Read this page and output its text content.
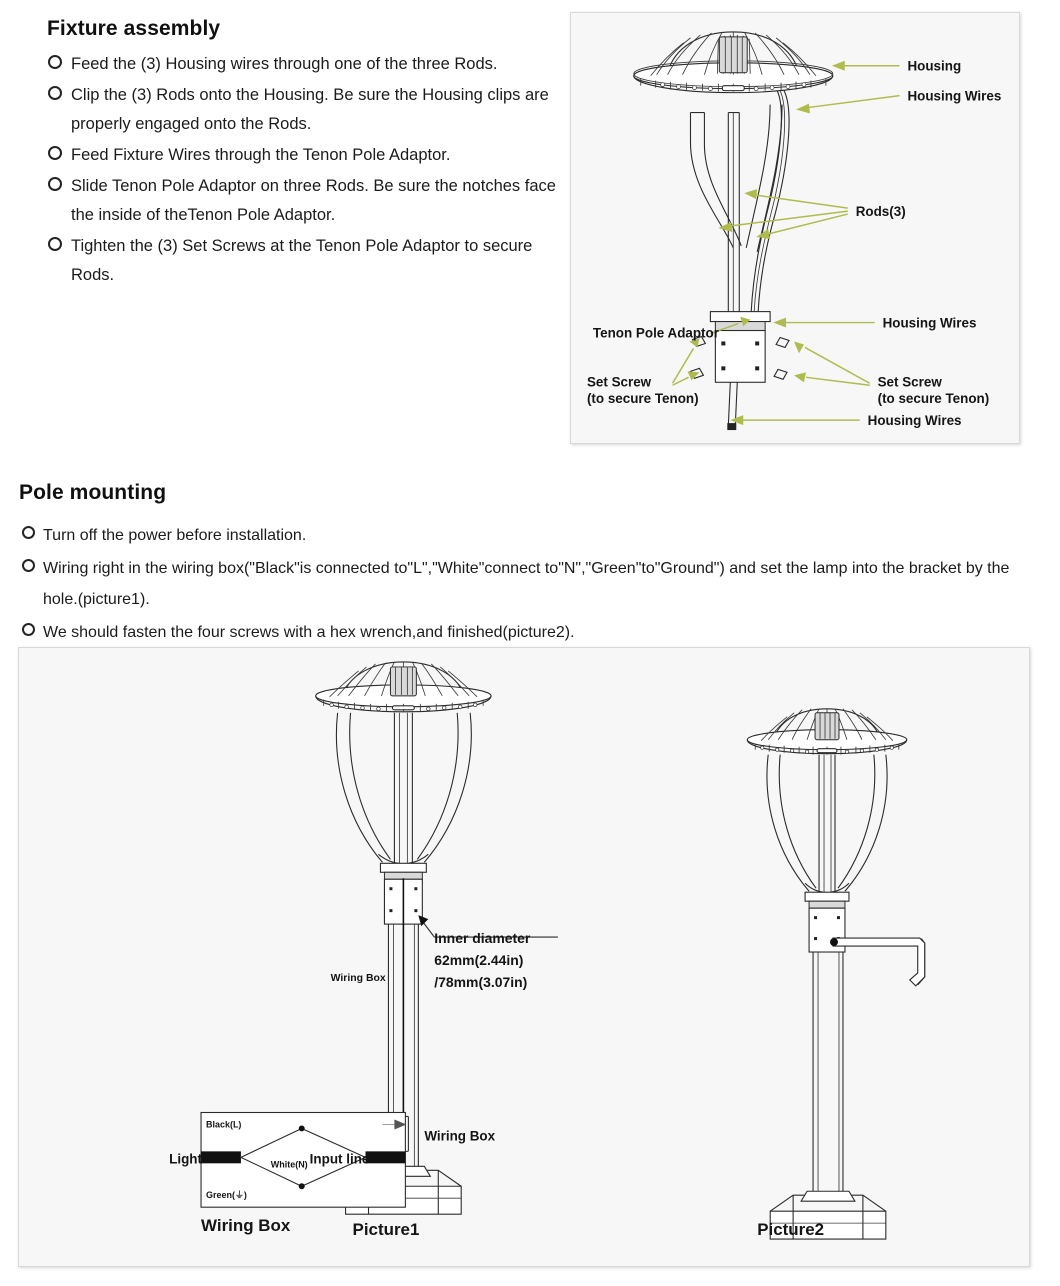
Fixture assembly
Feed the (3) Housing wires through one of the three Rods.
Clip the (3) Rods onto the Housing. Be sure the Housing clips are properly engaged onto the Rods.
Feed Fixture Wires through the Tenon Pole Adaptor.
Slide Tenon Pole Adaptor on three Rods. Be sure the notches face the inside of theTenon Pole Adaptor.
Tighten the (3) Set Screws at the Tenon Pole Adaptor to secure Rods.
Housing
Housing Wires
Rods(3)
Tenon Pole Adaptor
Housing Wires
Set Screw
(to secure Tenon)
Set Screw
(to secure Tenon)
Housing Wires
Pole mounting
Turn off the power before installation.
Wiring right in the wiring box("Black"is connected to"L","White"connect to"N","Green"to"Ground") and set the lamp into the bracket by the hole.(picture1).
We should fasten the four screws with a hex wrench,and finished(picture2).
Black(L)
White(N)
Green(⏚)
Inner diameter
62mm(2.44in)
/78mm(3.07in)
Wiring Box
Wiring Box
Light	Input line
Wiring Box	Picture1	Picture2
